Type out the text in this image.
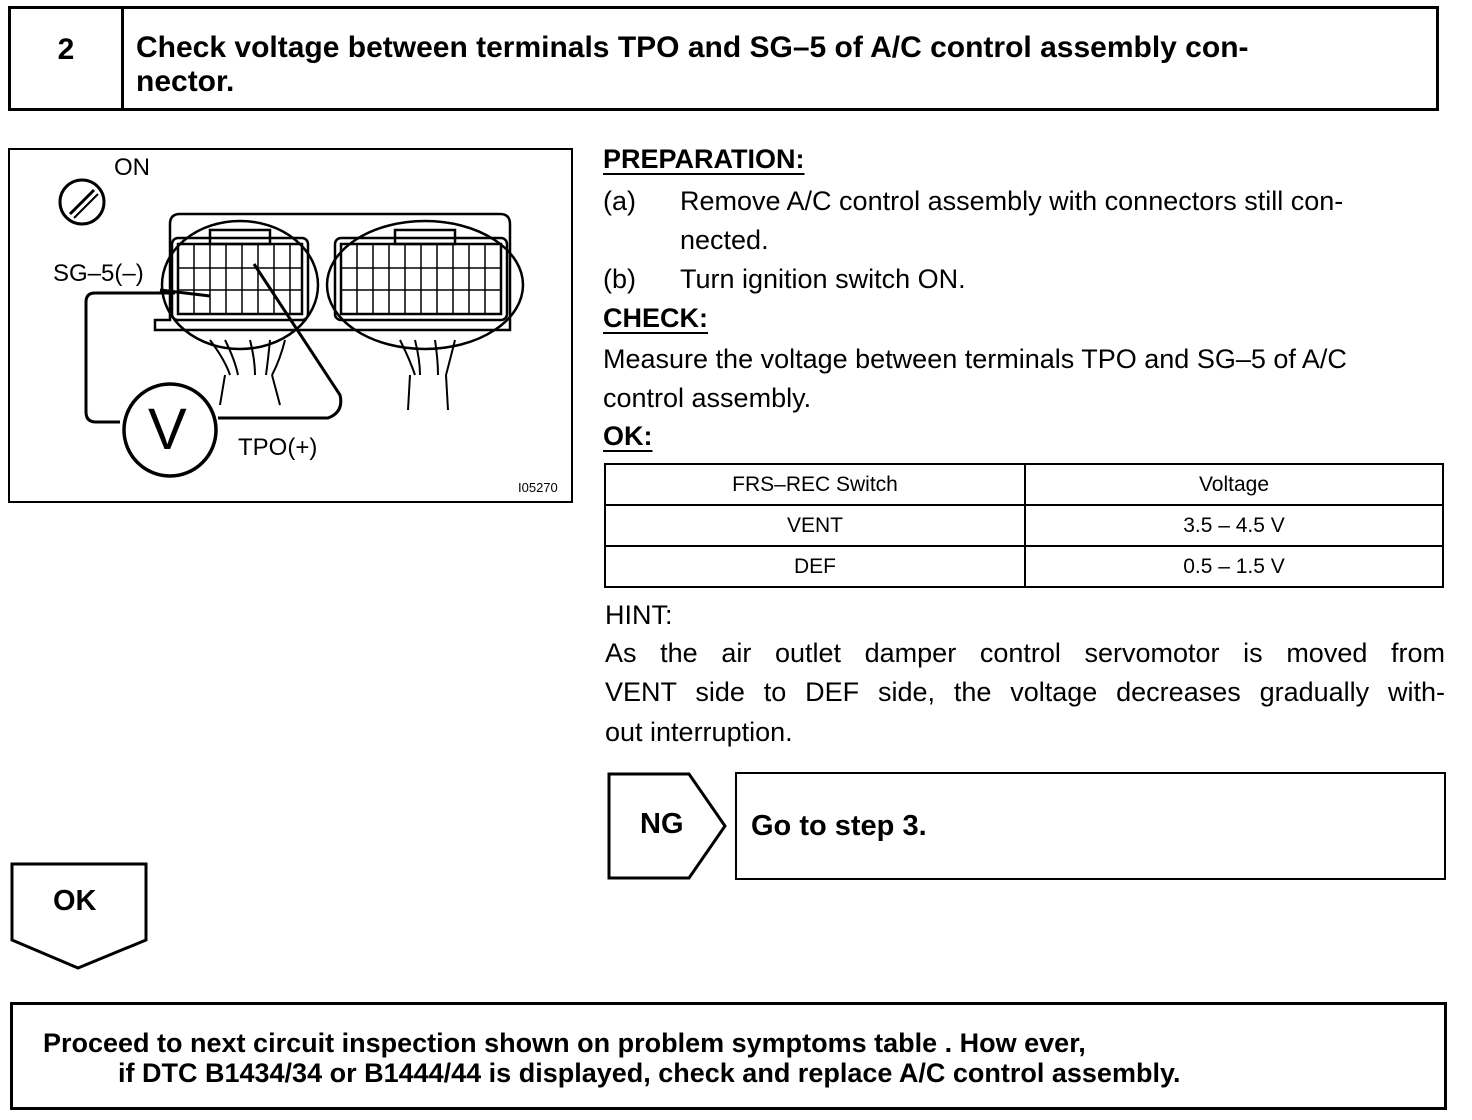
2	Check voltage between terminals TPO and SG–5 of A/C control assembly con-
nector.
ON
SG–5(–)
TPO(+)
V
I05270
PREPARATION:
(a) Remove A/C control assembly with connectors still con-
nected.
(b) Turn ignition switch ON.
CHECK:
Measure the voltage between terminals TPO and SG–5 of A/C
control assembly.
OK:
FRS–REC Switch	Voltage
VENT	3.5 – 4.5 V
DEF	0.5 – 1.5 V
HINT:
As the air outlet damper control servomotor is moved from
VENT side to DEF side, the voltage decreases gradually with-
out interruption.
NG Go to step 3.
OK
Proceed to next circuit inspection shown on problem symptoms table . How ever,
if DTC B1434/34 or B1444/44 is displayed, check and replace A/C control assembly.
